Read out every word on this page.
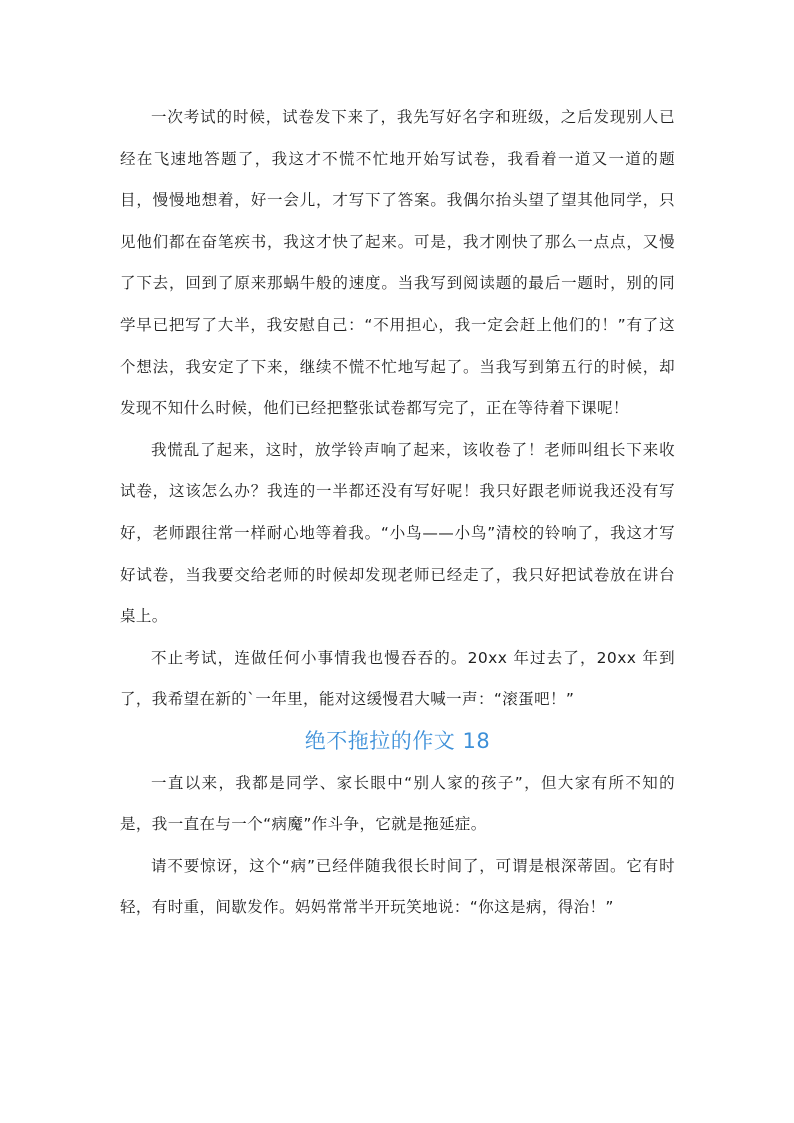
一次考试的时候，试卷发下来了，我先写好名字和班级，之后发现别人已经在飞速地答题了，我这才不慌不忙地开始写试卷，我看着一道又一道的题目，慢慢地想着，好一会儿，才写下了答案。我偶尔抬头望了望其他同学，只见他们都在奋笔疾书，我这才快了起来。可是，我才刚快了那么一点点，又慢了下去，回到了原来那蜗牛般的速度。当我写到阅读题的最后一题时，别的同学早已把写了大半，我安慰自己：“不用担心，我一定会赶上他们的！”有了这个想法，我安定了下来，继续不慌不忙地写起了。当我写到第五行的时候，却发现不知什么时候，他们已经把整张试卷都写完了，正在等待着下课呢！

我慌乱了起来，这时，放学铃声响了起来，该收卷了！老师叫组长下来收试卷，这该怎么办？我连的一半都还没有写好呢！我只好跟老师说我还没有写好，老师跟往常一样耐心地等着我。“小鸟——小鸟”清校的铃响了，我这才写好试卷，当我要交给老师的时候却发现老师已经走了，我只好把试卷放在讲台桌上。

不止考试，连做任何小事情我也慢吞吞的。20xx 年过去了，20xx 年到了，我希望在新的`一年里，能对这缓慢君大喊一声：“滚蛋吧！”

绝不拖拉的作文 18

一直以来，我都是同学、家长眼中“别人家的孩子”，但大家有所不知的是，我一直在与一个“病魔”作斗争，它就是拖延症。

请不要惊讶，这个“病”已经伴随我很长时间了，可谓是根深蒂固。它有时轻，有时重，间歇发作。妈妈常常半开玩笑地说：“你这是病，得治！”
